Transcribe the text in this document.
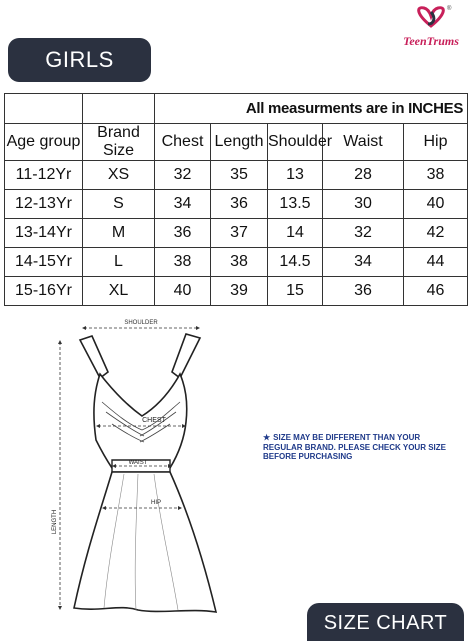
®
TeenTrums
GIRLS DRESS
			All measurments are in INCHES				
Age group	Brand Size	Chest	Length	Shoulder	Waist	Hip
11-12Yr	XS	32	35	13	28	38
12-13Yr	S	34	36	13.5	30	40
13-14Yr	M	36	37	14	32	42
14-15Yr	L	38	38	14.5	34	44
15-16Yr	XL	40	39	15	36	46
SHOULDER
CHEST
WAIST
HIP
LENGTH
★ SIZE MAY BE DIFFERENT THAN YOUR REGULAR BRAND. PLEASE CHECK YOUR SIZE BEFORE PURCHASING
SIZE CHART
